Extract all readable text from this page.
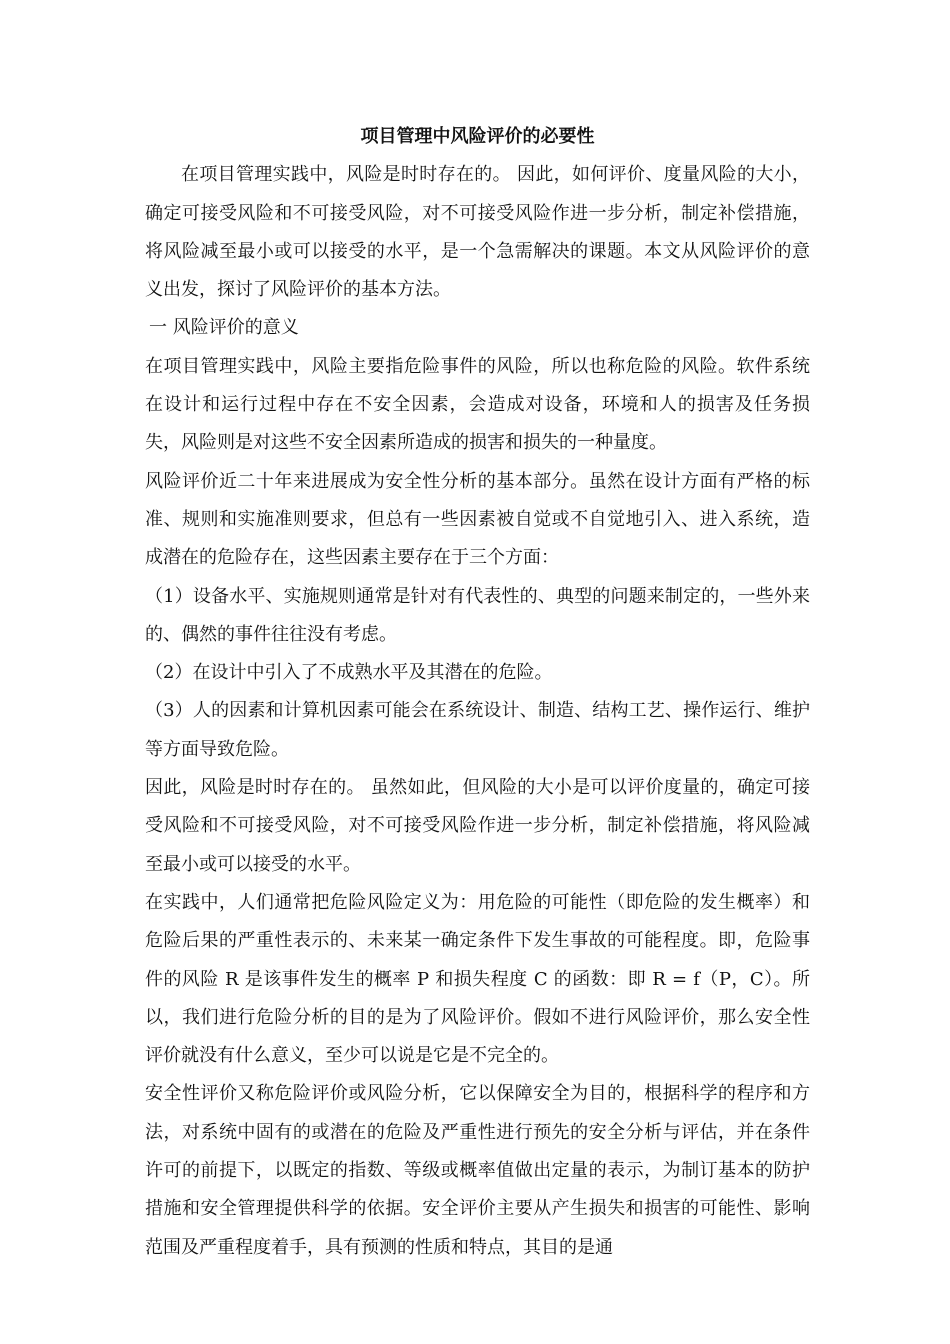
项目管理中风险评价的必要性

在项目管理实践中，风险是时时存在的。 因此，如何评价、度量风险的大小，确定可接受风险和不可接受风险，对不可接受风险作进一步分析，制定补偿措施，将风险减至最小或可以接受的水平，是一个急需解决的课题。本文从风险评价的意义出发，探讨了风险评价的基本方法。

一 风险评价的意义

在项目管理实践中，风险主要指危险事件的风险，所以也称危险的风险。软件系统在设计和运行过程中存在不安全因素，会造成对设备，环境和人的损害及任务损失，风险则是对这些不安全因素所造成的损害和损失的一种量度。

风险评价近二十年来进展成为安全性分析的基本部分。虽然在设计方面有严格的标准、规则和实施准则要求，但总有一些因素被自觉或不自觉地引入、进入系统，造成潜在的危险存在，这些因素主要存在于三个方面：

（1）设备水平、实施规则通常是针对有代表性的、典型的问题来制定的，一些外来的、偶然的事件往往没有考虑。

（2）在设计中引入了不成熟水平及其潜在的危险。

（3）人的因素和计算机因素可能会在系统设计、制造、结构工艺、操作运行、维护等方面导致危险。

因此，风险是时时存在的。 虽然如此，但风险的大小是可以评价度量的，确定可接受风险和不可接受风险，对不可接受风险作进一步分析，制定补偿措施，将风险减至最小或可以接受的水平。

在实践中，人们通常把危险风险定义为：用危险的可能性（即危险的发生概率）和危险后果的严重性表示的、未来某一确定条件下发生事故的可能程度。即，危险事件的风险 R 是该事件发生的概率 P 和损失程度 C 的函数：即 R = f（P，C）。所以，我们进行危险分析的目的是为了风险评价。假如不进行风险评价，那么安全性评价就没有什么意义，至少可以说是它是不完全的。

安全性评价又称危险评价或风险分析，它以保障安全为目的，根据科学的程序和方法，对系统中固有的或潜在的危险及严重性进行预先的安全分析与评估，并在条件许可的前提下，以既定的指数、等级或概率值做出定量的表示，为制订基本的防护措施和安全管理提供科学的依据。安全评价主要从产生损失和损害的可能性、影响范围及严重程度着手，具有预测的性质和特点，其目的是通
